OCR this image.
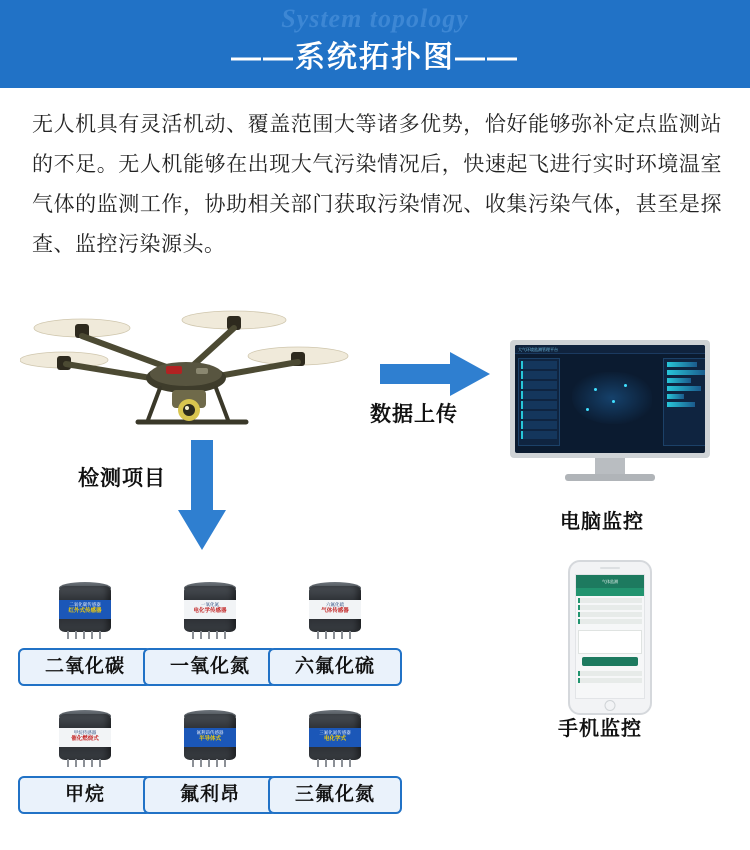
System topology
——系统拓扑图——
无人机具有灵活机动、覆盖范围大等诸多优势，恰好能够弥补定点监测站的不足。无人机能够在出现大气污染情况后，快速起飞进行实时环境温室气体的监测工作，协助相关部门获取污染情况、收集污染气体，甚至是探查、监控污染源头。
数据上传
检测项目
大气环境监测管理平台
电脑监控
气体监测
手机监控
二氧化碳传感器
红外式传感器
二氧化碳
一氧化氮
电化学传感器
一氧化氮
六氟化硫
气体传感器
六氟化硫
甲烷传感器
催化燃烧式
甲烷
氟利昂传感器
半导体式
氟利昂
三氟化氮传感器
电化学式
三氟化氮
